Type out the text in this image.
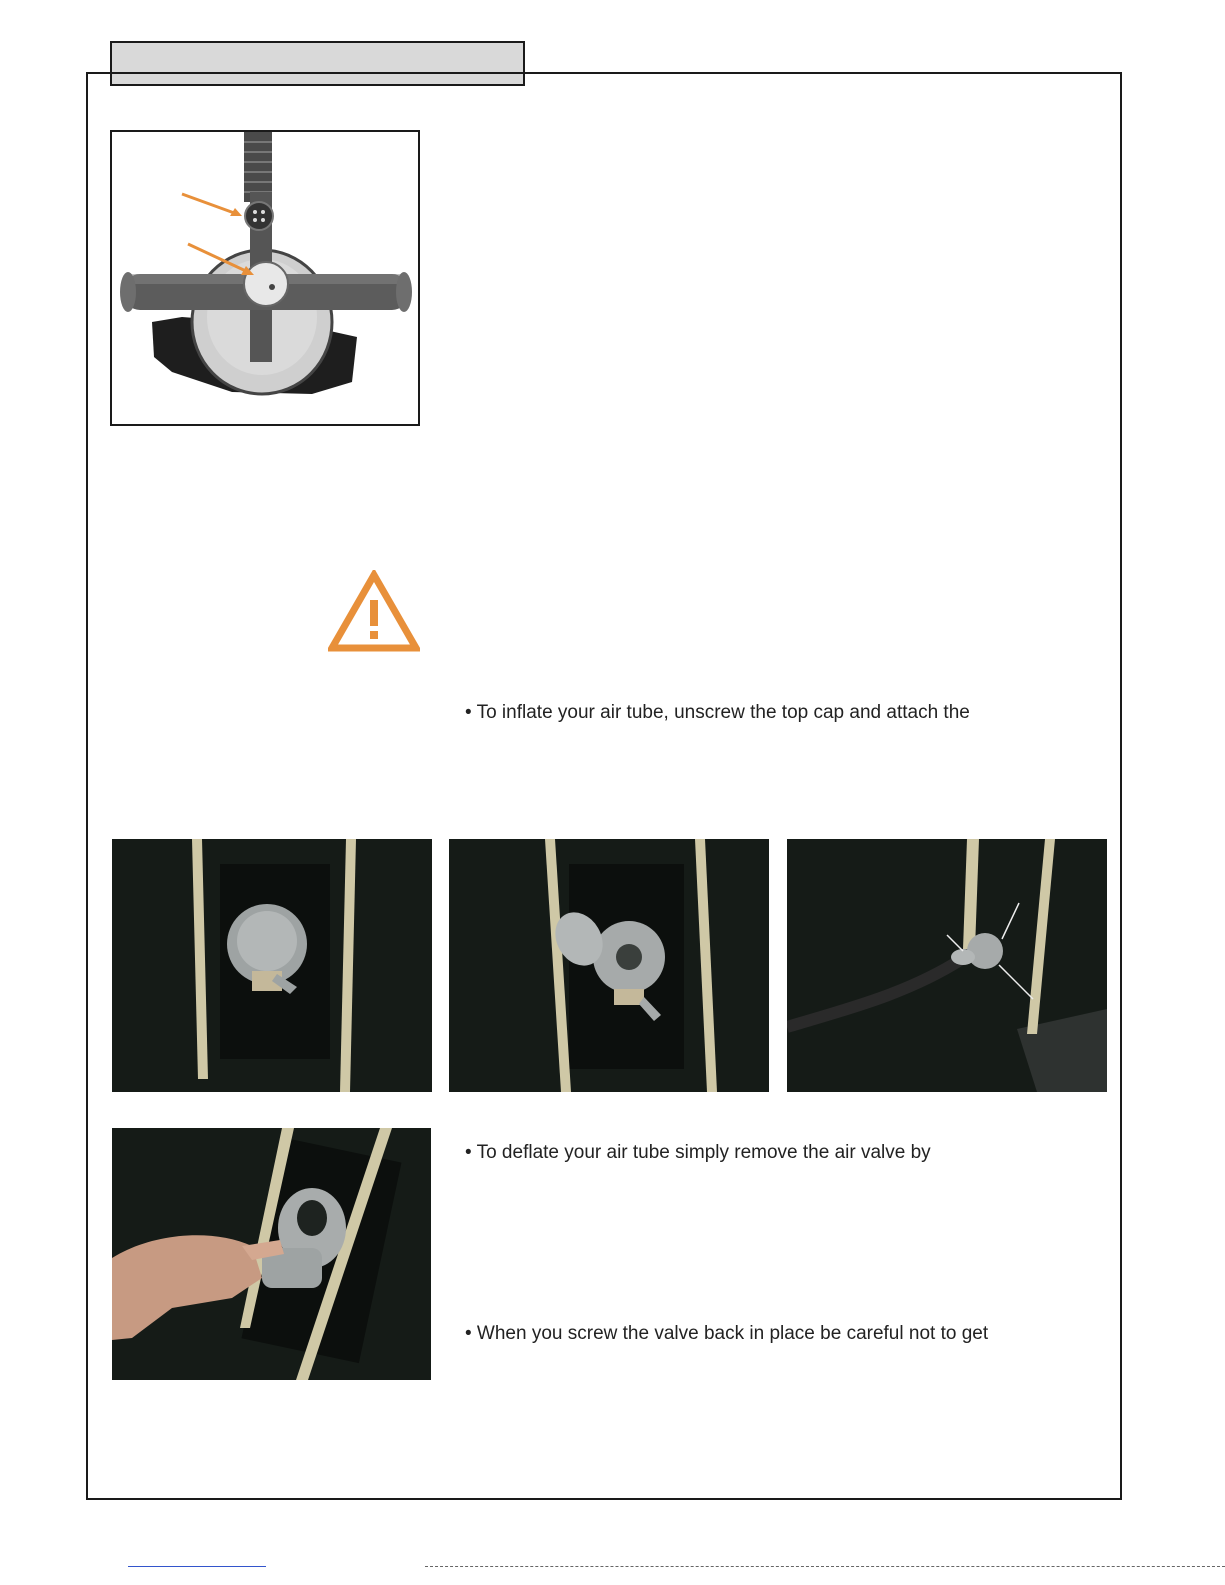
• To inflate your air tube, unscrew the top cap and attach the
• To deflate your air tube simply remove the air valve by
• When you screw the valve back in place be careful not to get
